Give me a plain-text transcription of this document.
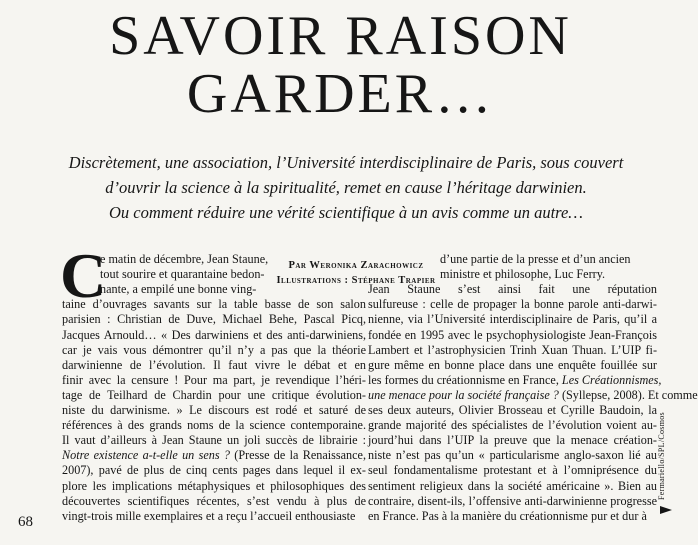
SAVOIR RAISON
GARDER…
Discrètement, une association, l’Université interdisciplinaire de Paris, sous couvert d’ouvrir la science à la spiritualité, remet en cause l’héritage darwinien.
Ou comment réduire une vérité scientifique à un avis comme un autre…
C	Par Weronika Zarachowicz
Illustrations : Stéphane Trapier
e matin de décembre, Jean Staune,
tout sourire et quarantaine bedon-
nante, a empilé une bonne ving-
taine d’ouvrages savants sur la table basse de son salon
parisien : Christian de Duve, Michael Behe, Pascal Picq,
Jacques Arnould… « Des darwiniens et des anti-darwiniens,
car je vais vous démontrer qu’il n’y a pas que la théorie
darwinienne de l’évolution. Il faut vivre le débat et en
finir avec la censure ! Pour ma part, je revendique l’héri-
tage de Teilhard de Chardin pour une critique évolution-
niste du darwinisme. » Le discours est rodé et saturé de
références à des grands noms de la science contemporaine.
Il vaut d’ailleurs à Jean Staune un joli succès de librairie :
Notre existence a-t-elle un sens ? (Presse de la Renaissance,
2007), pavé de plus de cinq cents pages dans lequel il ex-
plore les implications métaphysiques et philosophiques des
découvertes scientifiques récentes, s’est vendu à plus de
vingt-trois mille exemplaires et a reçu l’accueil enthousiaste
d’une partie de la presse et d’un ancien
ministre et philosophe, Luc Ferry.
Jean Staune s’est ainsi fait une réputation
sulfureuse : celle de propager la bonne parole anti-darwi-
nienne, via l’Université interdisciplinaire de Paris, qu’il a
fondée en 1995 avec le psychophysiologiste Jean-François
Lambert et l’astrophysicien Trinh Xuan Thuan. L’UIP fi-
gure même en bonne place dans une enquête fouillée sur
les formes du créationnisme en France, Les Créationnismes,
une menace pour la société française ? (Syllepse, 2008). Et comme
ses deux auteurs, Olivier Brosseau et Cyrille Baudoin, la
grande majorité des spécialistes de l’évolution voient au-
jourd’hui dans l’UIP la preuve que la menace création-
niste n’est pas qu’un « particularisme anglo-saxon lié au
seul fondamentalisme protestant et à l’omniprésence du
sentiment religieux dans la société américaine ». Bien au
contraire, disent-ils, l’offensive anti-darwinienne progresse
en France. Pas à la manière du créationnisme pur et dur à
68
Fermariello/SPL/Cosmos
